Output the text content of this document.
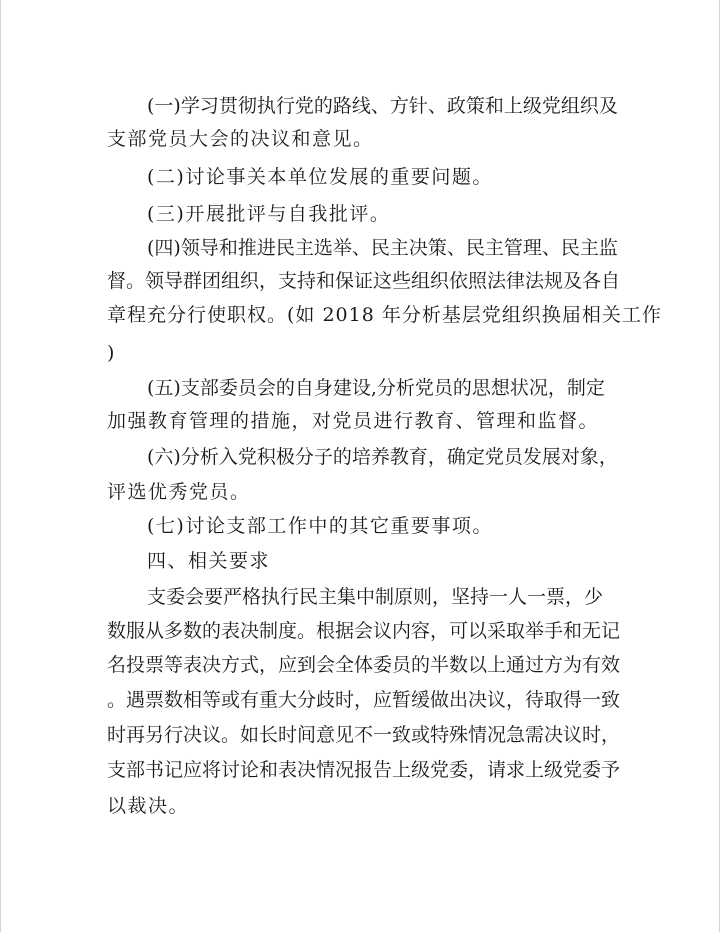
(一)学习贯彻执行党的路线、方针、政策和上级党组织及
支部党员大会的决议和意见。
(二)讨论事关本单位发展的重要问题。
(三)开展批评与自我批评。
(四)领导和推进民主选举、民主决策、民主管理、民主监
督。领导群团组织，支持和保证这些组织依照法律法规及各自
章程充分行使职权。(如 2018 年分析基层党组织换届相关工作
)
(五)支部委员会的自身建设,分析党员的思想状况，制定
加强教育管理的措施，对党员进行教育、管理和监督。
(六)分析入党积极分子的培养教育，确定党员发展对象，
评选优秀党员。
(七)讨论支部工作中的其它重要事项。
四、相关要求
支委会要严格执行民主集中制原则，坚持一人一票，少
数服从多数的表决制度。根据会议内容，可以采取举手和无记
名投票等表决方式，应到会全体委员的半数以上通过方为有效
。遇票数相等或有重大分歧时，应暂缓做出决议，待取得一致
时再另行决议。如长时间意见不一致或特殊情况急需决议时，
支部书记应将讨论和表决情况报告上级党委，请求上级党委予
以裁决。
